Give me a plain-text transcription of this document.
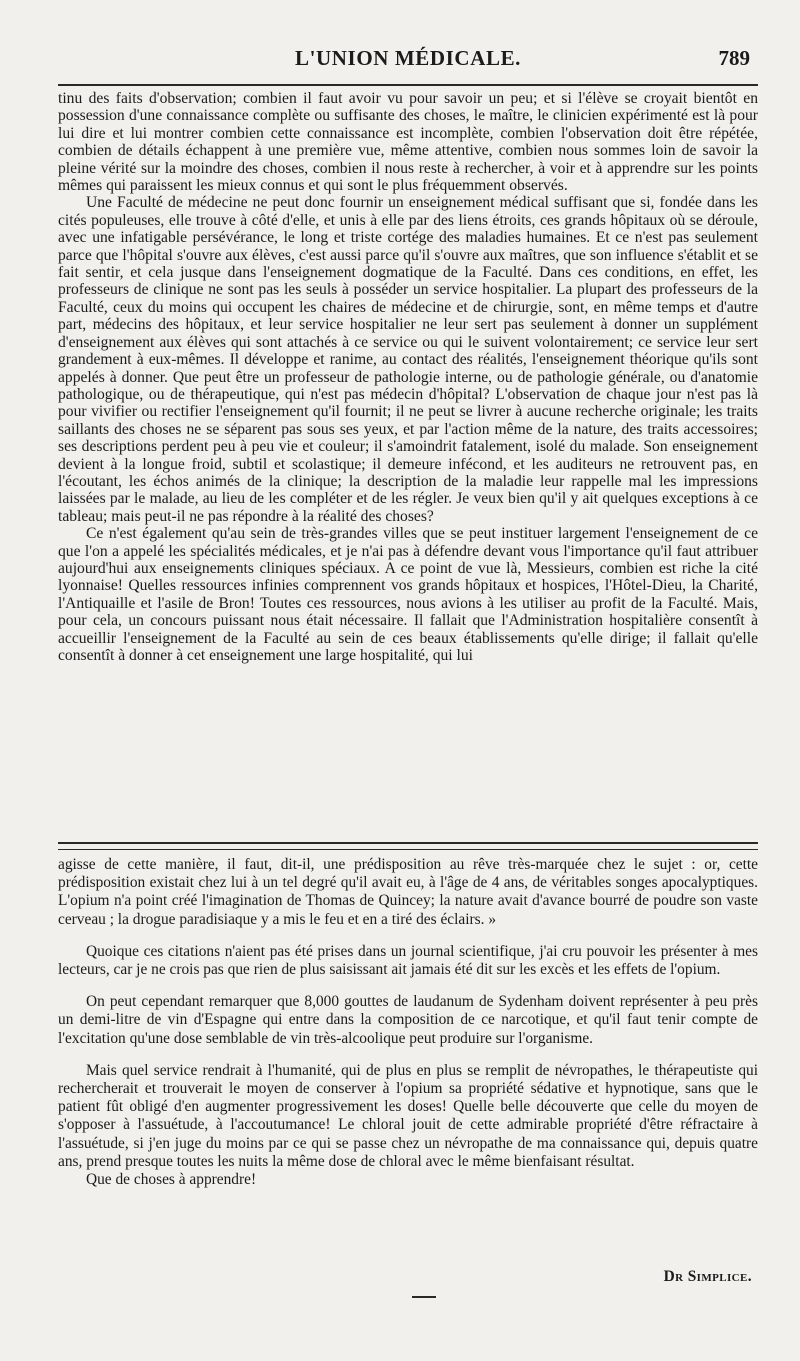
L'UNION MÉDICALE.	789

tinu des faits d'observation; combien il faut avoir vu pour savoir un peu; et si l'élève se croyait bientôt en possession d'une connaissance complète ou suffisante des choses, le maître, le clinicien expérimenté est là pour lui dire et lui montrer combien cette connaissance est incomplète, combien l'observation doit être répétée, combien de détails échappent à une première vue, même attentive, combien nous sommes loin de savoir la pleine vérité sur la moindre des choses, combien il nous reste à rechercher, à voir et à apprendre sur les points mêmes qui paraissent les mieux connus et qui sont le plus fréquemment observés.

Une Faculté de médecine ne peut donc fournir un enseignement médical suffisant que si, fondée dans les cités populeuses, elle trouve à côté d'elle, et unis à elle par des liens étroits, ces grands hôpitaux où se déroule, avec une infatigable persévérance, le long et triste cortége des maladies humaines. Et ce n'est pas seulement parce que l'hôpital s'ouvre aux élèves, c'est aussi parce qu'il s'ouvre aux maîtres, que son influence s'établit et se fait sentir, et cela jusque dans l'enseignement dogmatique de la Faculté. Dans ces conditions, en effet, les professeurs de clinique ne sont pas les seuls à posséder un service hospitalier. La plupart des professeurs de la Faculté, ceux du moins qui occupent les chaires de médecine et de chirurgie, sont, en même temps et d'autre part, médecins des hôpitaux, et leur service hospitalier ne leur sert pas seulement à donner un supplément d'enseignement aux élèves qui sont attachés à ce service ou qui le suivent volontairement; ce service leur sert grandement à eux-mêmes. Il développe et ranime, au contact des réalités, l'enseignement théorique qu'ils sont appelés à donner. Que peut être un professeur de pathologie interne, ou de pathologie générale, ou d'anatomie pathologique, ou de thérapeutique, qui n'est pas médecin d'hôpital? L'observation de chaque jour n'est pas là pour vivifier ou rectifier l'enseignement qu'il fournit; il ne peut se livrer à aucune recherche originale; les traits saillants des choses ne se séparent pas sous ses yeux, et par l'action même de la nature, des traits accessoires; ses descriptions perdent peu à peu vie et couleur; il s'amoindrit fatalement, isolé du malade. Son enseignement devient à la longue froid, subtil et scolastique; il demeure infécond, et les auditeurs ne retrouvent pas, en l'écoutant, les échos animés de la clinique; la description de la maladie leur rappelle mal les impressions laissées par le malade, au lieu de les compléter et de les régler. Je veux bien qu'il y ait quelques exceptions à ce tableau; mais peut-il ne pas répondre à la réalité des choses?

Ce n'est également qu'au sein de très-grandes villes que se peut instituer largement l'enseignement de ce que l'on a appelé les spécialités médicales, et je n'ai pas à défendre devant vous l'importance qu'il faut attribuer aujourd'hui aux enseignements cliniques spéciaux. A ce point de vue là, Messieurs, combien est riche la cité lyonnaise! Quelles ressources infinies comprennent vos grands hôpitaux et hospices, l'Hôtel-Dieu, la Charité, l'Antiquaille et l'asile de Bron! Toutes ces ressources, nous avions à les utiliser au profit de la Faculté. Mais, pour cela, un concours puissant nous était nécessaire. Il fallait que l'Administration hospitalière consentît à accueillir l'enseignement de la Faculté au sein de ces beaux établissements qu'elle dirige; il fallait qu'elle consentît à donner à cet enseignement une large hospitalité, qui lui

agisse de cette manière, il faut, dit-il, une prédisposition au rêve très-marquée chez le sujet : or, cette prédisposition existait chez lui à un tel degré qu'il avait eu, à l'âge de 4 ans, de véritables songes apocalyptiques. L'opium n'a point créé l'imagination de Thomas de Quincey; la nature avait d'avance bourré de poudre son vaste cerveau ; la drogue paradisiaque y a mis le feu et en a tiré des éclairs. »

Quoique ces citations n'aient pas été prises dans un journal scientifique, j'ai cru pouvoir les présenter à mes lecteurs, car je ne crois pas que rien de plus saisissant ait jamais été dit sur les excès et les effets de l'opium.

On peut cependant remarquer que 8,000 gouttes de laudanum de Sydenham doivent représenter à peu près un demi-litre de vin d'Espagne qui entre dans la composition de ce narcotique, et qu'il faut tenir compte de l'excitation qu'une dose semblable de vin très-alcoolique peut produire sur l'organisme.

Mais quel service rendrait à l'humanité, qui de plus en plus se remplit de névropathes, le thérapeutiste qui rechercherait et trouverait le moyen de conserver à l'opium sa propriété sédative et hypnotique, sans que le patient fût obligé d'en augmenter progressivement les doses! Quelle belle découverte que celle du moyen de s'opposer à l'assuétude, à l'accoutumance! Le chloral jouit de cette admirable propriété d'être réfractaire à l'assuétude, si j'en juge du moins par ce qui se passe chez un névropathe de ma connaissance qui, depuis quatre ans, prend presque toutes les nuits la même dose de chloral avec le même bienfaisant résultat.

Que de choses à apprendre!

Dr Simplice.
